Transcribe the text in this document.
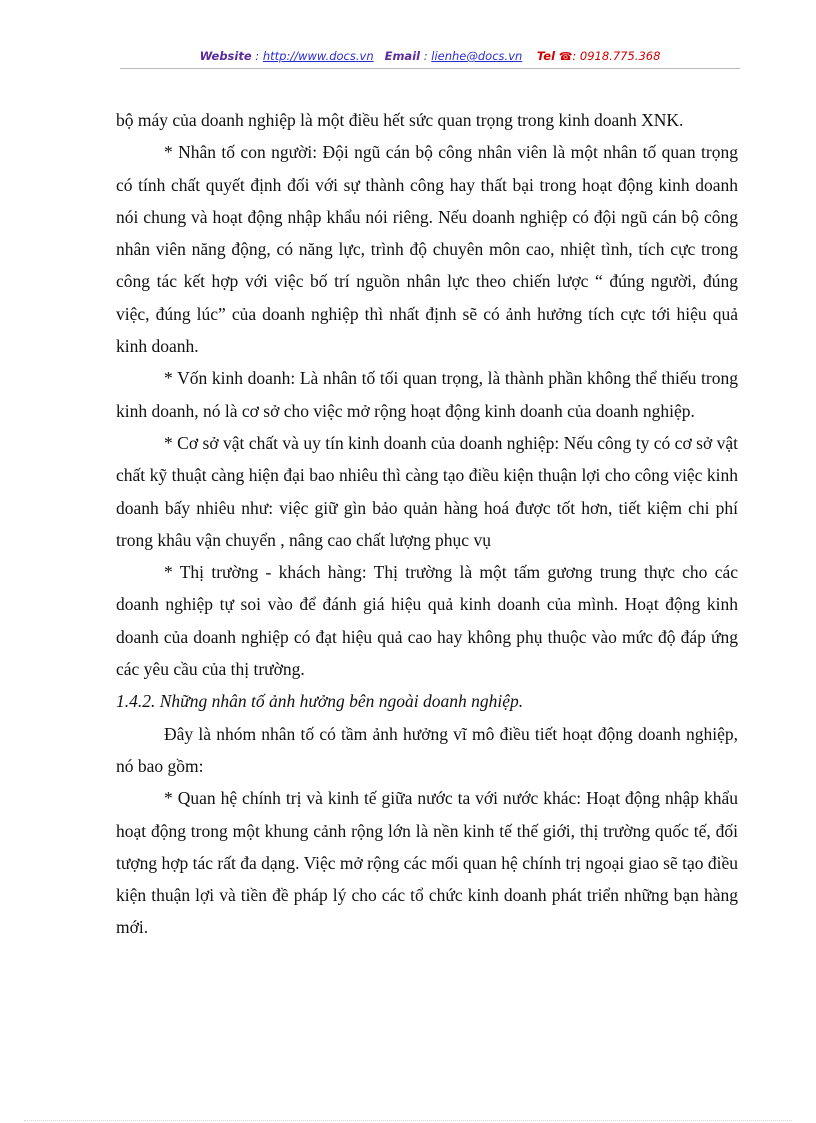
Website : http://www.docs.vn Email : lienhe@docs.vn Tel ☎: 0918.775.368

bộ máy của doanh nghiệp là một điều hết sức quan trọng trong kinh doanh XNK.

* Nhân tố con người: Đội ngũ cán bộ công nhân viên là một nhân tố quan trọng có tính chất quyết định đối với sự thành công hay thất bại trong hoạt động kinh doanh nói chung và hoạt động nhập khẩu nói riêng. Nếu doanh nghiệp có đội ngũ cán bộ công nhân viên năng động, có năng lực, trình độ chuyên môn cao, nhiệt tình, tích cực trong công tác kết hợp với việc bố trí nguồn nhân lực theo chiến lược “ đúng người, đúng việc, đúng lúc” của doanh nghiệp thì nhất định sẽ có ảnh hưởng tích cực tới hiệu quả kinh doanh.

* Vốn kinh doanh: Là nhân tố tối quan trọng, là thành phần không thể thiếu trong kinh doanh, nó là cơ sở cho việc mở rộng hoạt động kinh doanh của doanh nghiệp.

* Cơ sở vật chất và uy tín kinh doanh của doanh nghiệp: Nếu công ty có cơ sở vật chất kỹ thuật càng hiện đại bao nhiêu thì càng tạo điều kiện thuận lợi cho công việc kinh doanh bấy nhiêu như: việc giữ gìn bảo quản hàng hoá được tốt hơn, tiết kiệm chi phí trong khâu vận chuyển , nâng cao chất lượng phục vụ

* Thị trường - khách hàng: Thị trường là một tấm gương trung thực cho các doanh nghiệp tự soi vào để đánh giá hiệu quả kinh doanh của mình. Hoạt động kinh doanh của doanh nghiệp có đạt hiệu quả cao hay không phụ thuộc vào mức độ đáp ứng các yêu cầu của thị trường.

1.4.2. Những nhân tố ảnh hưởng bên ngoài doanh nghiệp.

Đây là nhóm nhân tố có tầm ảnh hưởng vĩ mô điều tiết hoạt động doanh nghiệp, nó bao gồm:

* Quan hệ chính trị và kinh tế giữa nước ta với nước khác: Hoạt động nhập khẩu hoạt động trong một khung cảnh rộng lớn là nền kinh tế thế giới, thị trường quốc tế, đối tượng hợp tác rất đa dạng. Việc mở rộng các mối quan hệ chính trị ngoại giao sẽ tạo điều kiện thuận lợi và tiền đề pháp lý cho các tổ chức kinh doanh phát triển những bạn hàng mới.
